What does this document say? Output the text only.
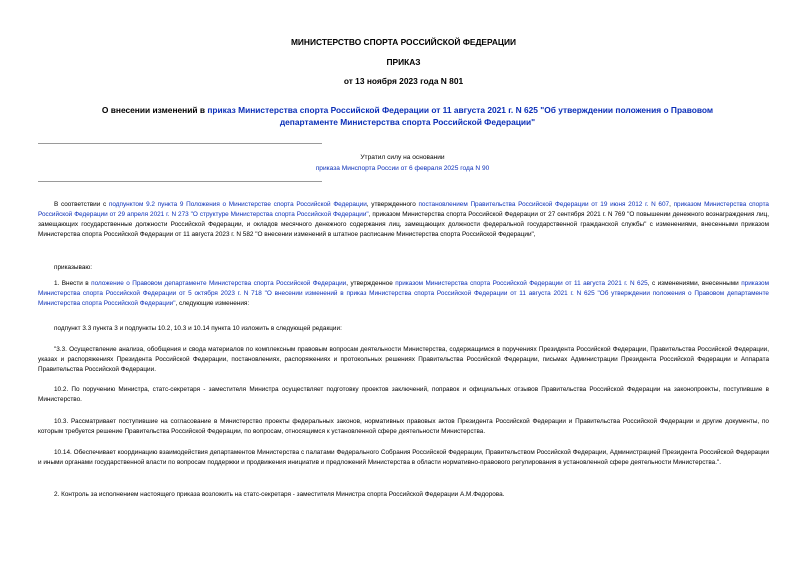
МИНИСТЕРСТВО СПОРТА РОССИЙСКОЙ ФЕДЕРАЦИИ
ПРИКАЗ
от 13 ноября 2023 года N 801
О внесении изменений в приказ Министерства спорта Российской Федерации от 11 августа 2021 г. N 625 "Об утверждении положения о Правовом департаменте Министерства спорта Российской Федерации"
Утратил силу на основании
приказа Минспорта России от 6 февраля 2025 года N 90
В соответствии с подпунктом 9.2 пункта 9 Положения о Министерстве спорта Российской Федерации, утвержденного постановлением Правительства Российской Федерации от 19 июня 2012 г. N 607, приказом Министерства спорта Российской Федерации от 29 апреля 2021 г. N 273 "О структуре Министерства спорта Российской Федерации", приказом Министерства спорта Российской Федерации от 27 сентября 2021 г. N 769 "О повышении денежного вознаграждения лиц, замещающих государственные должности Российской Федерации, и окладов месячного денежного содержания лиц, замещающих должности федеральной государственной гражданской службы" с изменениями, внесенными приказом Министерства спорта Российской Федерации от 11 августа 2023 г. N 582 "О внесении изменений в штатное расписание Министерства спорта Российской Федерации",
приказываю:
1. Внести в положение о Правовом департаменте Министерства спорта Российской Федерации, утвержденное приказом Министерства спорта Российской Федерации от 11 августа 2021 г. N 625, с изменениями, внесенными приказом Министерства спорта Российской Федерации от 5 октября 2023 г. N 718 "О внесении изменений в приказ Министерства спорта Российской Федерации от 11 августа 2021 г. N 625 "Об утверждении положения о Правовом департаменте Министерства спорта Российской Федерации", следующие изменения:
подпункт 3.3 пункта 3 и подпункты 10.2, 10.3 и 10.14 пункта 10 изложить в следующей редакции:
"3.3. Осуществление анализа, обобщения и свода материалов по комплексным правовым вопросам деятельности Министерства, содержащимся в поручениях Президента Российской Федерации, Правительства Российской Федерации, указах и распоряжениях Президента Российской Федерации, постановлениях, распоряжениях и протокольных решениях Правительства Российской Федерации, письмах Администрации Президента Российской Федерации и Аппарата Правительства Российской Федерации.
10.2. По поручению Министра, статс-секретаря - заместителя Министра осуществляет подготовку проектов заключений, поправок и официальных отзывов Правительства Российской Федерации на законопроекты, поступившие в Министерство.
10.3. Рассматривает поступившие на согласование в Министерство проекты федеральных законов, нормативных правовых актов Президента Российской Федерации и Правительства Российской Федерации и другие документы, по которым требуется решение Правительства Российской Федерации, по вопросам, относящимся к установленной сфере деятельности Министерства.
10.14. Обеспечивает координацию взаимодействия департаментов Министерства с палатами Федерального Собрания Российской Федерации, Правительством Российской Федерации, Администрацией Президента Российской Федерации и иными органами государственной власти по вопросам поддержки и продвижения инициатив и предложений Министерства в области нормативно-правового регулирования в установленной сфере деятельности Министерства.".
2. Контроль за исполнением настоящего приказа возложить на статс-секретаря - заместителя Министра спорта Российской Федерации А.М.Федорова.
